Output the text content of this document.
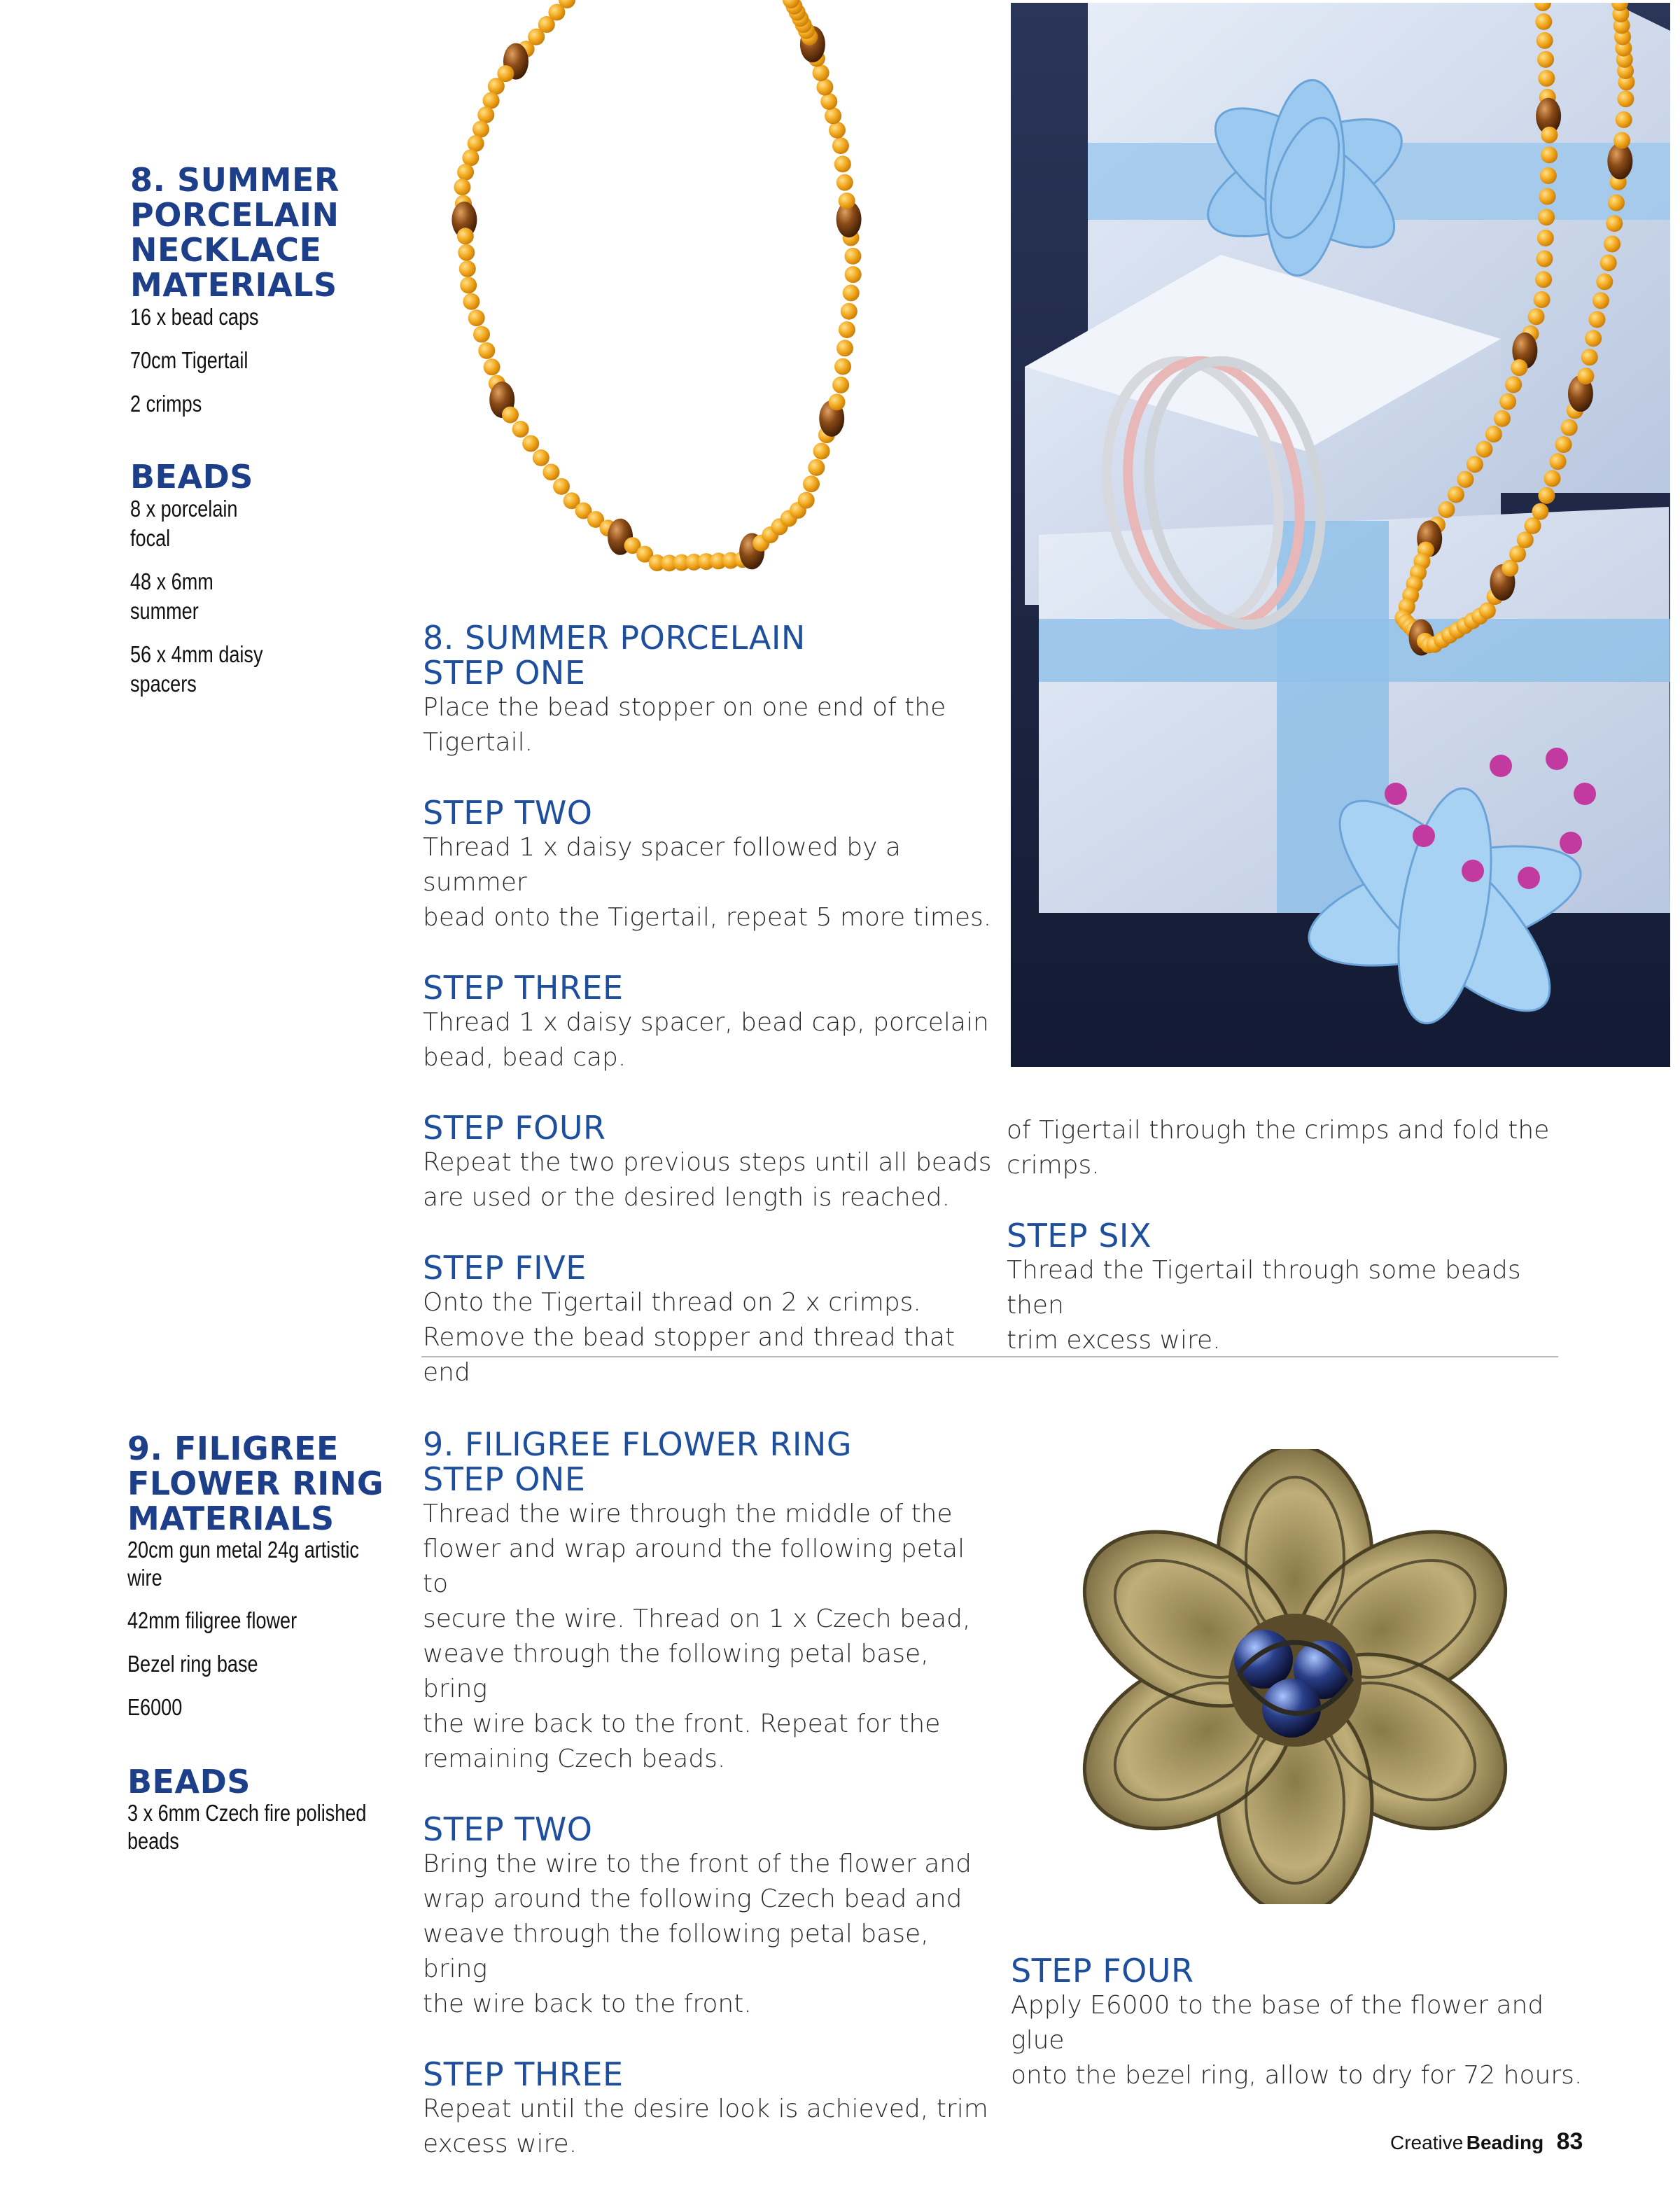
8. SUMMER
PORCELAIN
NECKLACE
MATERIALS
16 x bead caps
70cm Tigertail
2 crimps
BEADS
8 x porcelain focal
48 x 6mm summer
56 x 4mm daisy spacers
8. SUMMER PORCELAIN
STEP ONE
Place the bead stopper on one end of the
Tigertail.
STEP TWO
Thread 1 x daisy spacer followed by a summer
bead onto the Tigertail, repeat 5 more times.
STEP THREE
Thread 1 x daisy spacer, bead cap, porcelain
bead, bead cap.
STEP FOUR
Repeat the two previous steps until all beads
are used or the desired length is reached.
STEP FIVE
Onto the Tigertail thread on 2 x crimps.
Remove the bead stopper and thread that end
of Tigertail through the crimps and fold the
crimps.
STEP SIX
Thread the Tigertail through some beads then
trim excess wire.
9. FILIGREE
FLOWER RING
MATERIALS
20cm gun metal 24g artistic wire
42mm filigree flower
Bezel ring base
E6000
BEADS
3 x 6mm Czech fire polished beads
9. FILIGREE FLOWER RING
STEP ONE
Thread the wire through the middle of the
flower and wrap around the following petal to
secure the wire. Thread on 1 x Czech bead,
weave through the following petal base, bring
the wire back to the front. Repeat for the
remaining Czech beads.
STEP TWO
Bring the wire to the front of the flower and
wrap around the following Czech bead and
weave through the following petal base, bring
the wire back to the front.
STEP THREE
Repeat until the desire look is achieved, trim
excess wire.
STEP FOUR
Apply E6000 to the base of the flower and glue
onto the bezel ring, allow to dry for 72 hours.
Creative Beading 83
